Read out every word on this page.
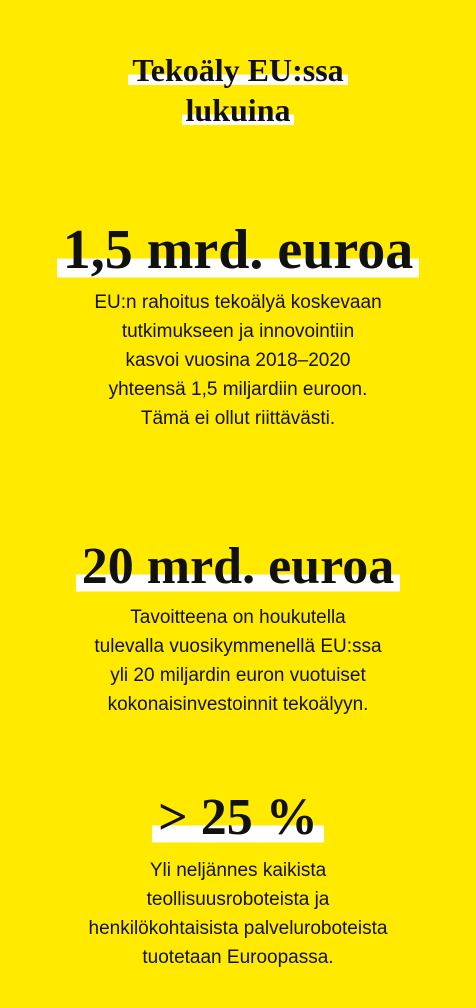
Tekoäly EU:ssa
lukuina
1,5 mrd. euroa
EU:n rahoitus tekoälyä koskevaan
tutkimukseen ja innovointiin
kasvoi vuosina 2018–2020
yhteensä 1,5 miljardiin euroon.
Tämä ei ollut riittävästi.
20 mrd. euroa
Tavoitteena on houkutella
tulevalla vuosikymmenellä EU:ssa
yli 20 miljardin euron vuotuiset
kokonaisinvestoinnit tekoälyyn.
> 25 %
Yli neljännes kaikista
teollisuusroboteista ja
henkilökohtaisista palveluroboteista
tuotetaan Euroopassa.
